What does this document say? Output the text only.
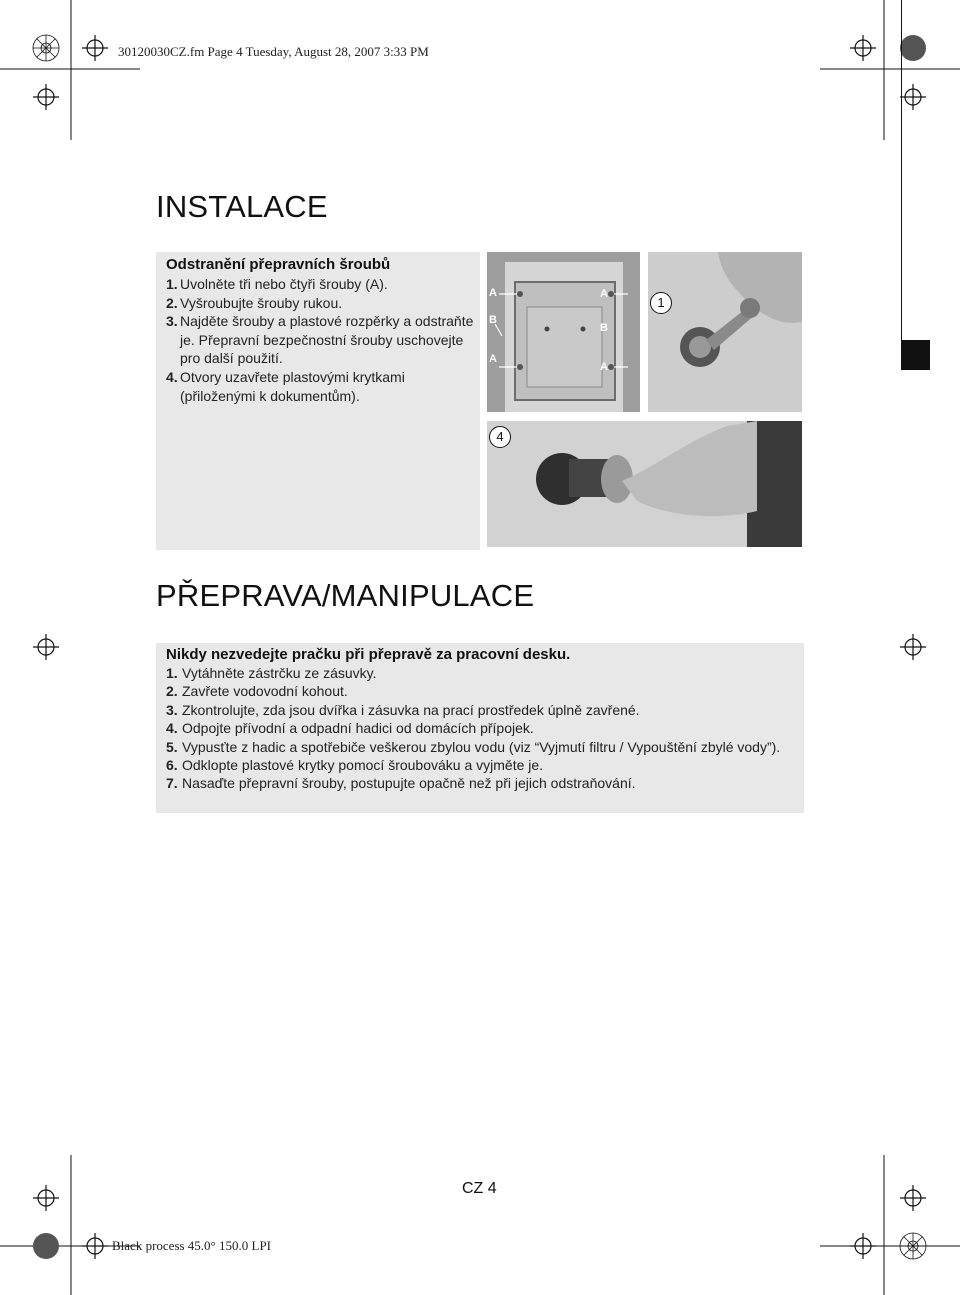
30120030CZ.fm Page 4 Tuesday, August 28, 2007 3:33 PM
INSTALACE
Odstranění přepravních šroubů
1. Uvolněte tři nebo čtyři šrouby (A).
2. Vyšroubujte šrouby rukou.
3. Najděte šrouby a plastové rozpěrky a odstraňte je. Přepravní bezpečnostní šrouby uschovejte pro další použití.
4. Otvory uzavřete plastovými krytkami (přiloženými k dokumentům).
A
B
A
A
B
A
1
4
PŘEPRAVA/MANIPULACE
Nikdy nezvedejte pračku při přepravě za pracovní desku.
1. Vytáhněte zástrčku ze zásuvky.
2. Zavřete vodovodní kohout.
3. Zkontrolujte, zda jsou dvířka i zásuvka na prací prostředek úplně zavřené.
4. Odpojte přívodní a odpadní hadici od domácích přípojek.
5. Vypusťte z hadic a spotřebiče veškerou zbylou vodu (viz “Vyjmutí filtru / Vypouštění zbylé vody”).
6. Odklopte plastové krytky pomocí šroubováku a vyjměte je.
7. Nasaďte přepravní šrouby, postupujte opačně než při jejich odstraňování.
CZ 4
Black process 45.0° 150.0 LPI
